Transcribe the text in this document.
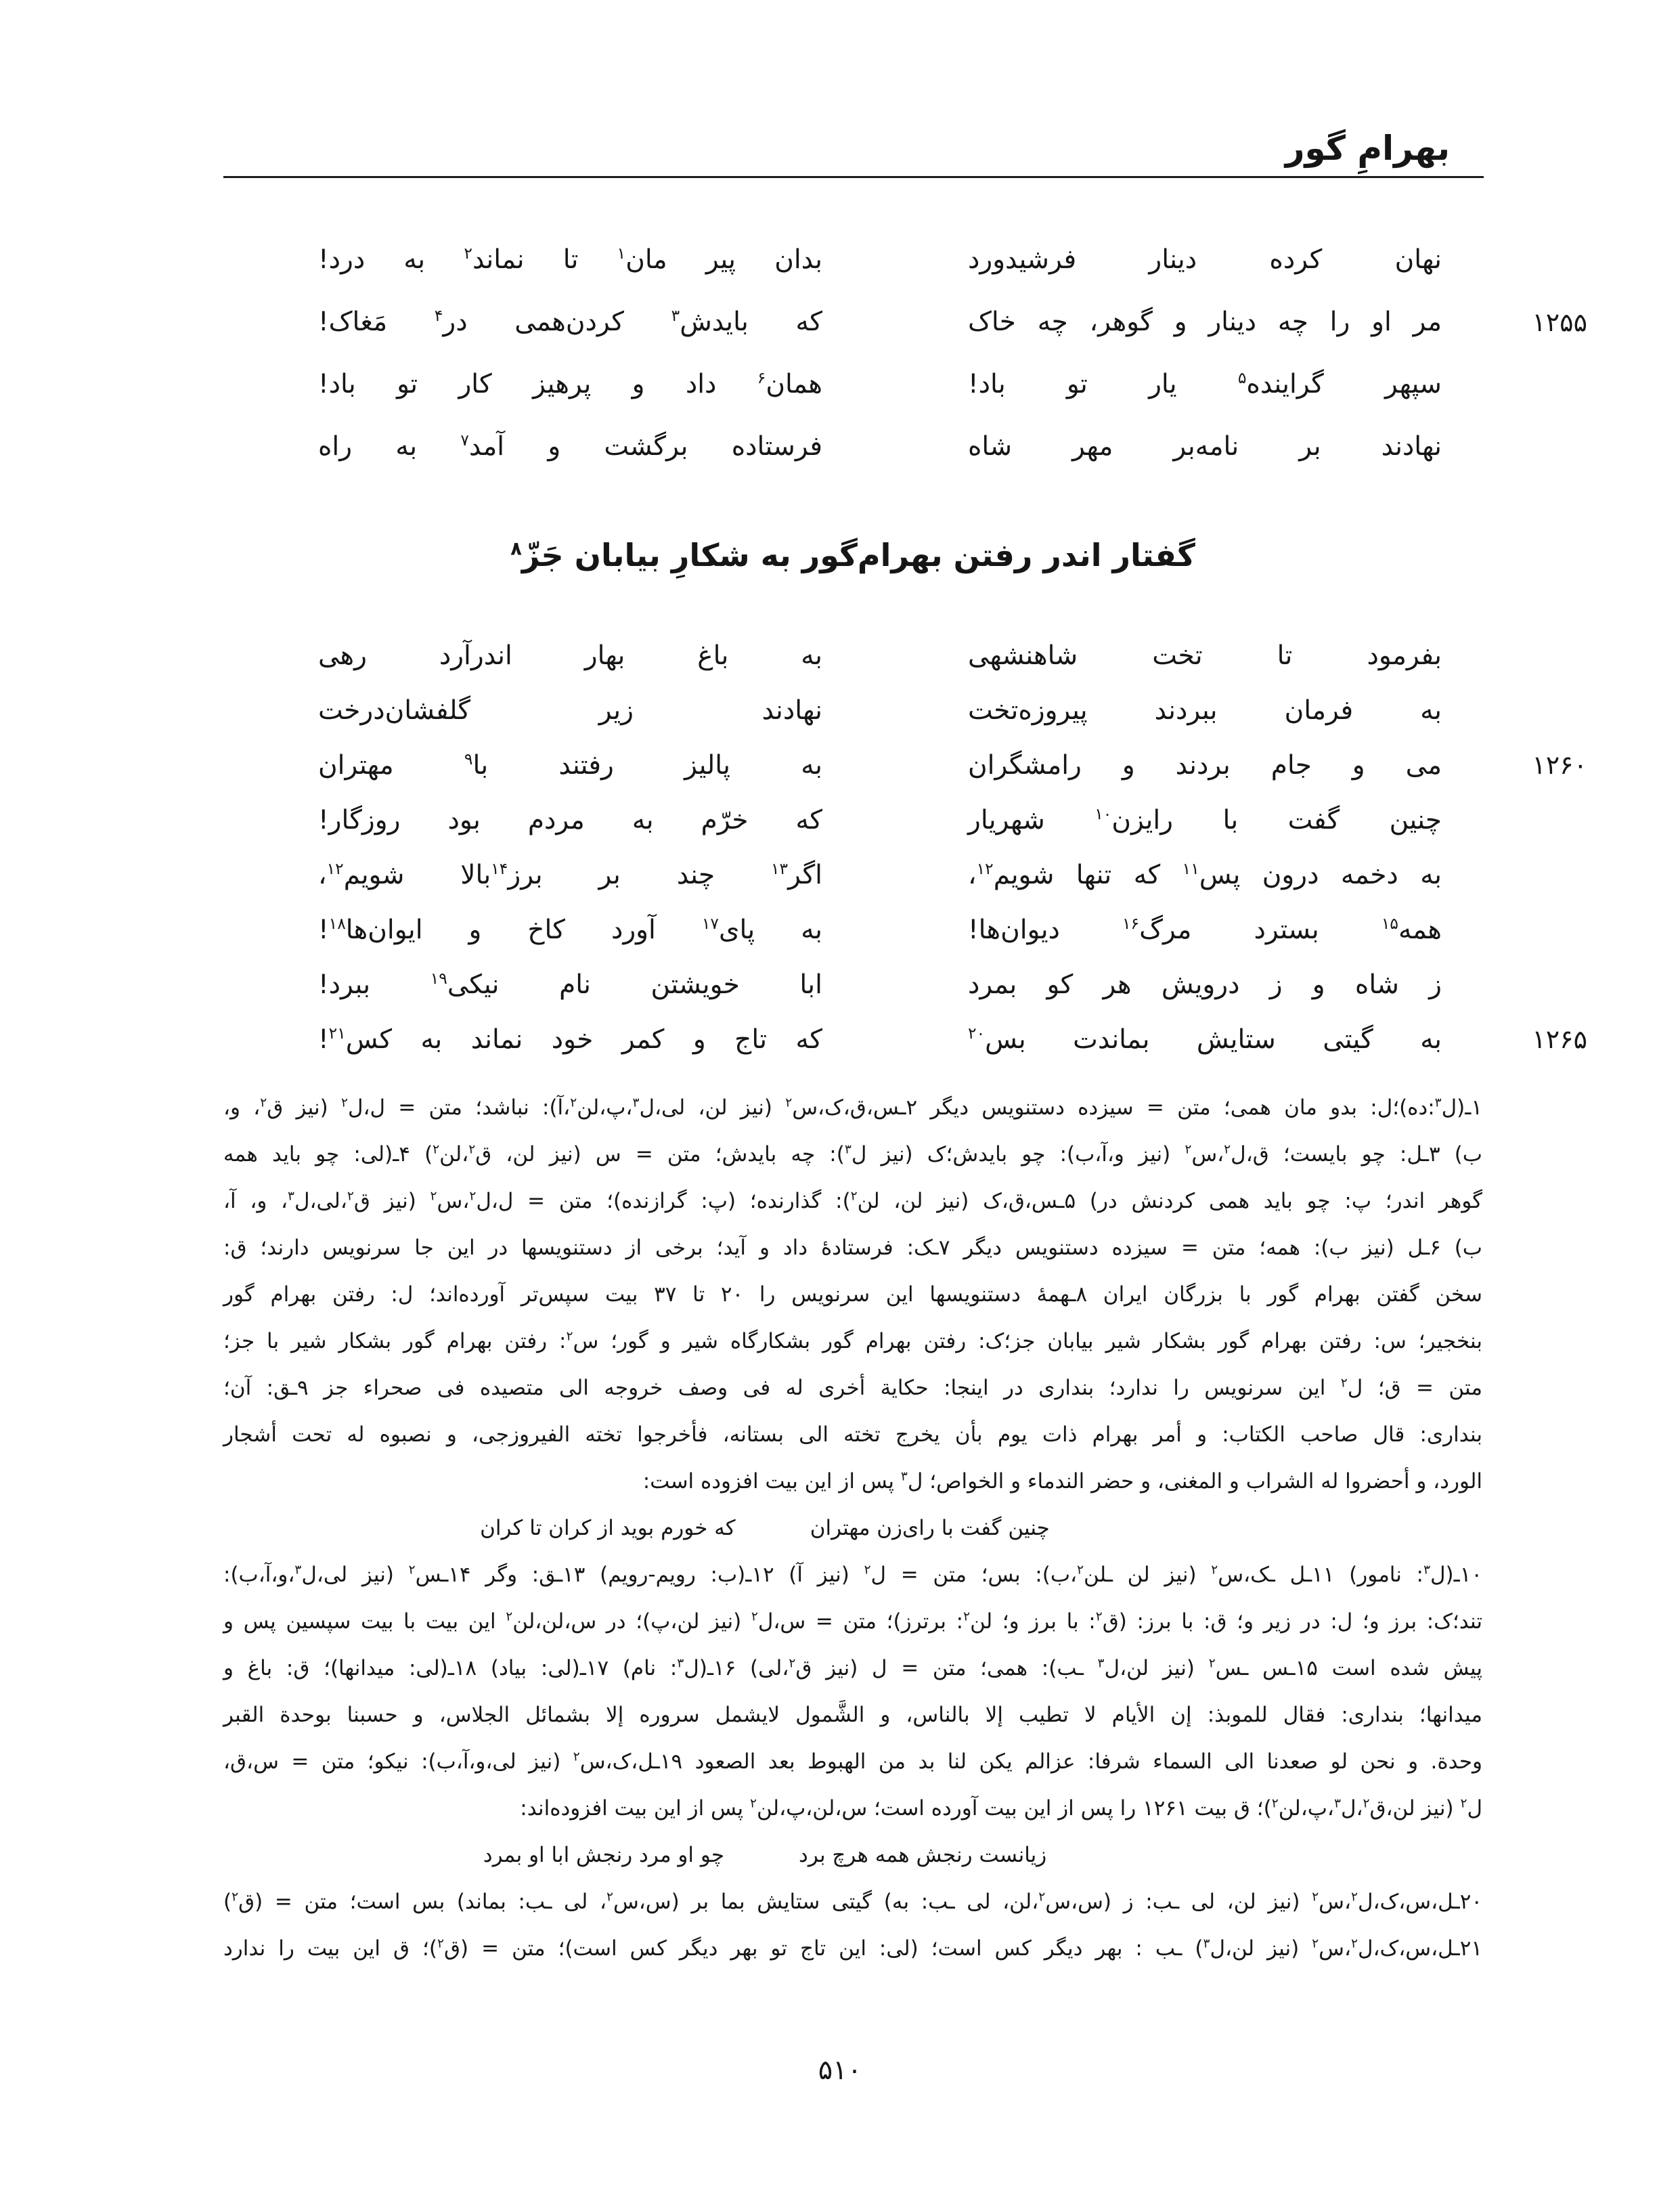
بهرامِ گور
نهان کرده دینار فرشیدورد
بدان پیر مان$^۱$ تا نماند$^۲$ به درد!
۱۲۵۵
مر او را چه دینار و گوهر، چه خاک
که بایدش$^۳$ کردن‌همی در$^۴$ مَغاک!
سپهر گراینده$^۵$ یار تو باد!
همان$^۶$ داد و پرهیز کار تو باد!
نهادند بر نامه‌بر مهر شاه
فرستاده برگشت و آمد$^۷$ به راه
گفتار اندر رفتن بهرام‌گور به شکارِ بیابان جَزّ$^۸$
بفرمود تا تخت شاهنشهی
به باغ بهار اندرآرد رهی
به فرمان ببردند پیروزه‌تخت
نهادند زیر گلفشان‌درخت
۱۲۶۰
می و جام بردند و رامشگران
به پالیز رفتند با$^۹$ مهتران
چنین گفت با رایزن$^{۱۰}$ شهریار
که خرّم به مردم بود روزگار!
به دخمه درون پس$^{۱۱}$ که تنها شویم$^{۱۲}$،
اگر$^{۱۳}$ چند بر برز$^{۱۴}$بالا شویم$^{۱۲}$،
همه$^{۱۵}$ بسترد مرگ$^{۱۶}$ دیوان‌ها!
به پای$^{۱۷}$ آورد کاخ و ایوان‌ها$^{۱۸}$!
ز شاه و ز درویش هر کو بمرد
ابا خویشتن نام نیکی$^{۱۹}$ ببرد!
۱۲۶۵
به گیتی ستایش بماندت بس$^{۲۰}$
که تاج و کمر خود نماند به کس$^{۲۱}$!
۱ـ(ل$^۳$:ده)؛ل: بدو مان همی؛ متن = سیزده دستنویس دیگر ۲ـس،ق،ک،س$^۲$ (نیز لن، لی،ل$^۳$،پ،لن$^۲$،آ): نباشد؛ متن = ل،ل$^۲$ (نیز ق$^۲$، و،
ب) ۳ـل: چو بایست؛ ق،ل$^۲$،س$^۲$ (نیز و،آ،ب): چو بایدش؛ک (نیز ل$^۳$): چه بایدش؛ متن = س (نیز لن، ق$^۲$،لن$^۲$) ۴ـ(لی: چو باید همه
گوهر اندر؛ پ: چو باید همی کردنش در) ۵ـس،ق،ک (نیز لن، لن$^۲$): گذارنده؛ (پ: گرازنده)؛ متن = ل،ل$^۲$،س$^۲$ (نیز ق$^۲$،لی،ل$^۳$، و، آ،
ب) ۶ـل (نیز ب): همه؛ متن = سیزده دستنویس دیگر ۷ـک: فرستادهٔ داد و آید؛ برخی از دستنویسها در این جا سرنویس دارند؛ ق:
سخن گفتن بهرام گور با بزرگان ایران ۸ـهمهٔ دستنویسها این سرنویس را ۲۰ تا ۳۷ بیت سپس‌تر آورده‌اند؛ ل: رفتن بهرام گور
بنخجیر؛ س: رفتن بهرام گور بشکار شیر بیابان جز؛ک: رفتن بهرام گور بشکارگاه شیر و گور؛ س$^۲$: رفتن بهرام گور بشکار شیر با جز؛
متن = ق؛ ل$^۲$ این سرنویس را ندارد؛ بنداری در اینجا: حکایة أخری له فی وصف خروجه الی متصیده فی صحراء جز ۹ـق: آن؛
بنداری: قال صاحب الکتاب: و أمر بهرام ذات یوم بأن یخرج تخته الی بستانه، فأخرجوا تخته الفیروزجی، و نصبوه له تحت أشجار
الورد، و أحضروا له الشراب و المغنی، و حضر الندماء و الخواص؛ ل$^۳$ پس از این بیت افزوده است:
چنین گفت با رای‌زن مهتران
که خورم بوید از کران تا کران
۱۰ـ(ل$^۳$: نامور) ۱۱ـل ـک،س$^۲$ (نیز لن ـلن$^۲$،ب): بس؛ متن = ل$^۲$ (نیز آ) ۱۲ـ(ب: رویم-رویم) ۱۳ـق: وگر ۱۴ـس$^۲$ (نیز لی،ل$^۳$،و،آ،ب):
تند؛ک: برز و؛ ل: در زیر و؛ ق: با برز: (ق$^۲$: با برز و؛ لن$^۲$: برترز)؛ متن = س،ل$^۲$ (نیز لن،پ)؛ در س،لن،لن$^۲$ این بیت با بیت سپسین پس و
پیش شده است ۱۵ـس ـس$^۲$ (نیز لن،ل$^۳$ ـب): همی؛ متن = ل (نیز ق$^۲$،لی) ۱۶ـ(ل$^۳$: نام) ۱۷ـ(لی: بیاد) ۱۸ـ(لی: میدانها)؛ ق: باغ و
میدانها؛ بنداری: فقال للموبذ: إن الأیام لا تطیب إلا بالناس، و الشَّمول لایشمل سروره إلا بشمائل الجلاس، و حسبنا بوحدة القبر
وحدة. و نحن لو صعدنا الی السماء شرفا: عزالم یکن لنا بد من الهبوط بعد الصعود ۱۹ـل،ک،س$^۲$ (نیز لی،و،آ،ب): نیکو؛ متن = س،ق،
ل$^۲$ (نیز لن،ق$^۲$،ل$^۳$،پ،لن$^۲$)؛ ق بیت ۱۲۶۱ را پس از این بیت آورده است؛ س،لن،پ،لن$^۲$ پس از این بیت افزوده‌اند:
زیانست رنجش همه هرچ برد
چو او مرد رنجش ابا او بمرد
۲۰ـل،س،ک،ل$^۲$،س$^۲$ (نیز لن، لی ـب: ز (س،س$^۲$،لن، لی ـب: به) گیتی ستایش بما بر (س،س$^۲$، لی ـب: بماند) بس است؛ متن = (ق$^۲$)
۲۱ـل،س،ک،ل$^۲$،س$^۲$ (نیز لن،ل$^۳$) ـب : بهر دیگر کس است؛ (لی: این تاج تو بهر دیگر کس است)؛ متن = (ق$^۲$)؛ ق این بیت را ندارد
۵۱۰
